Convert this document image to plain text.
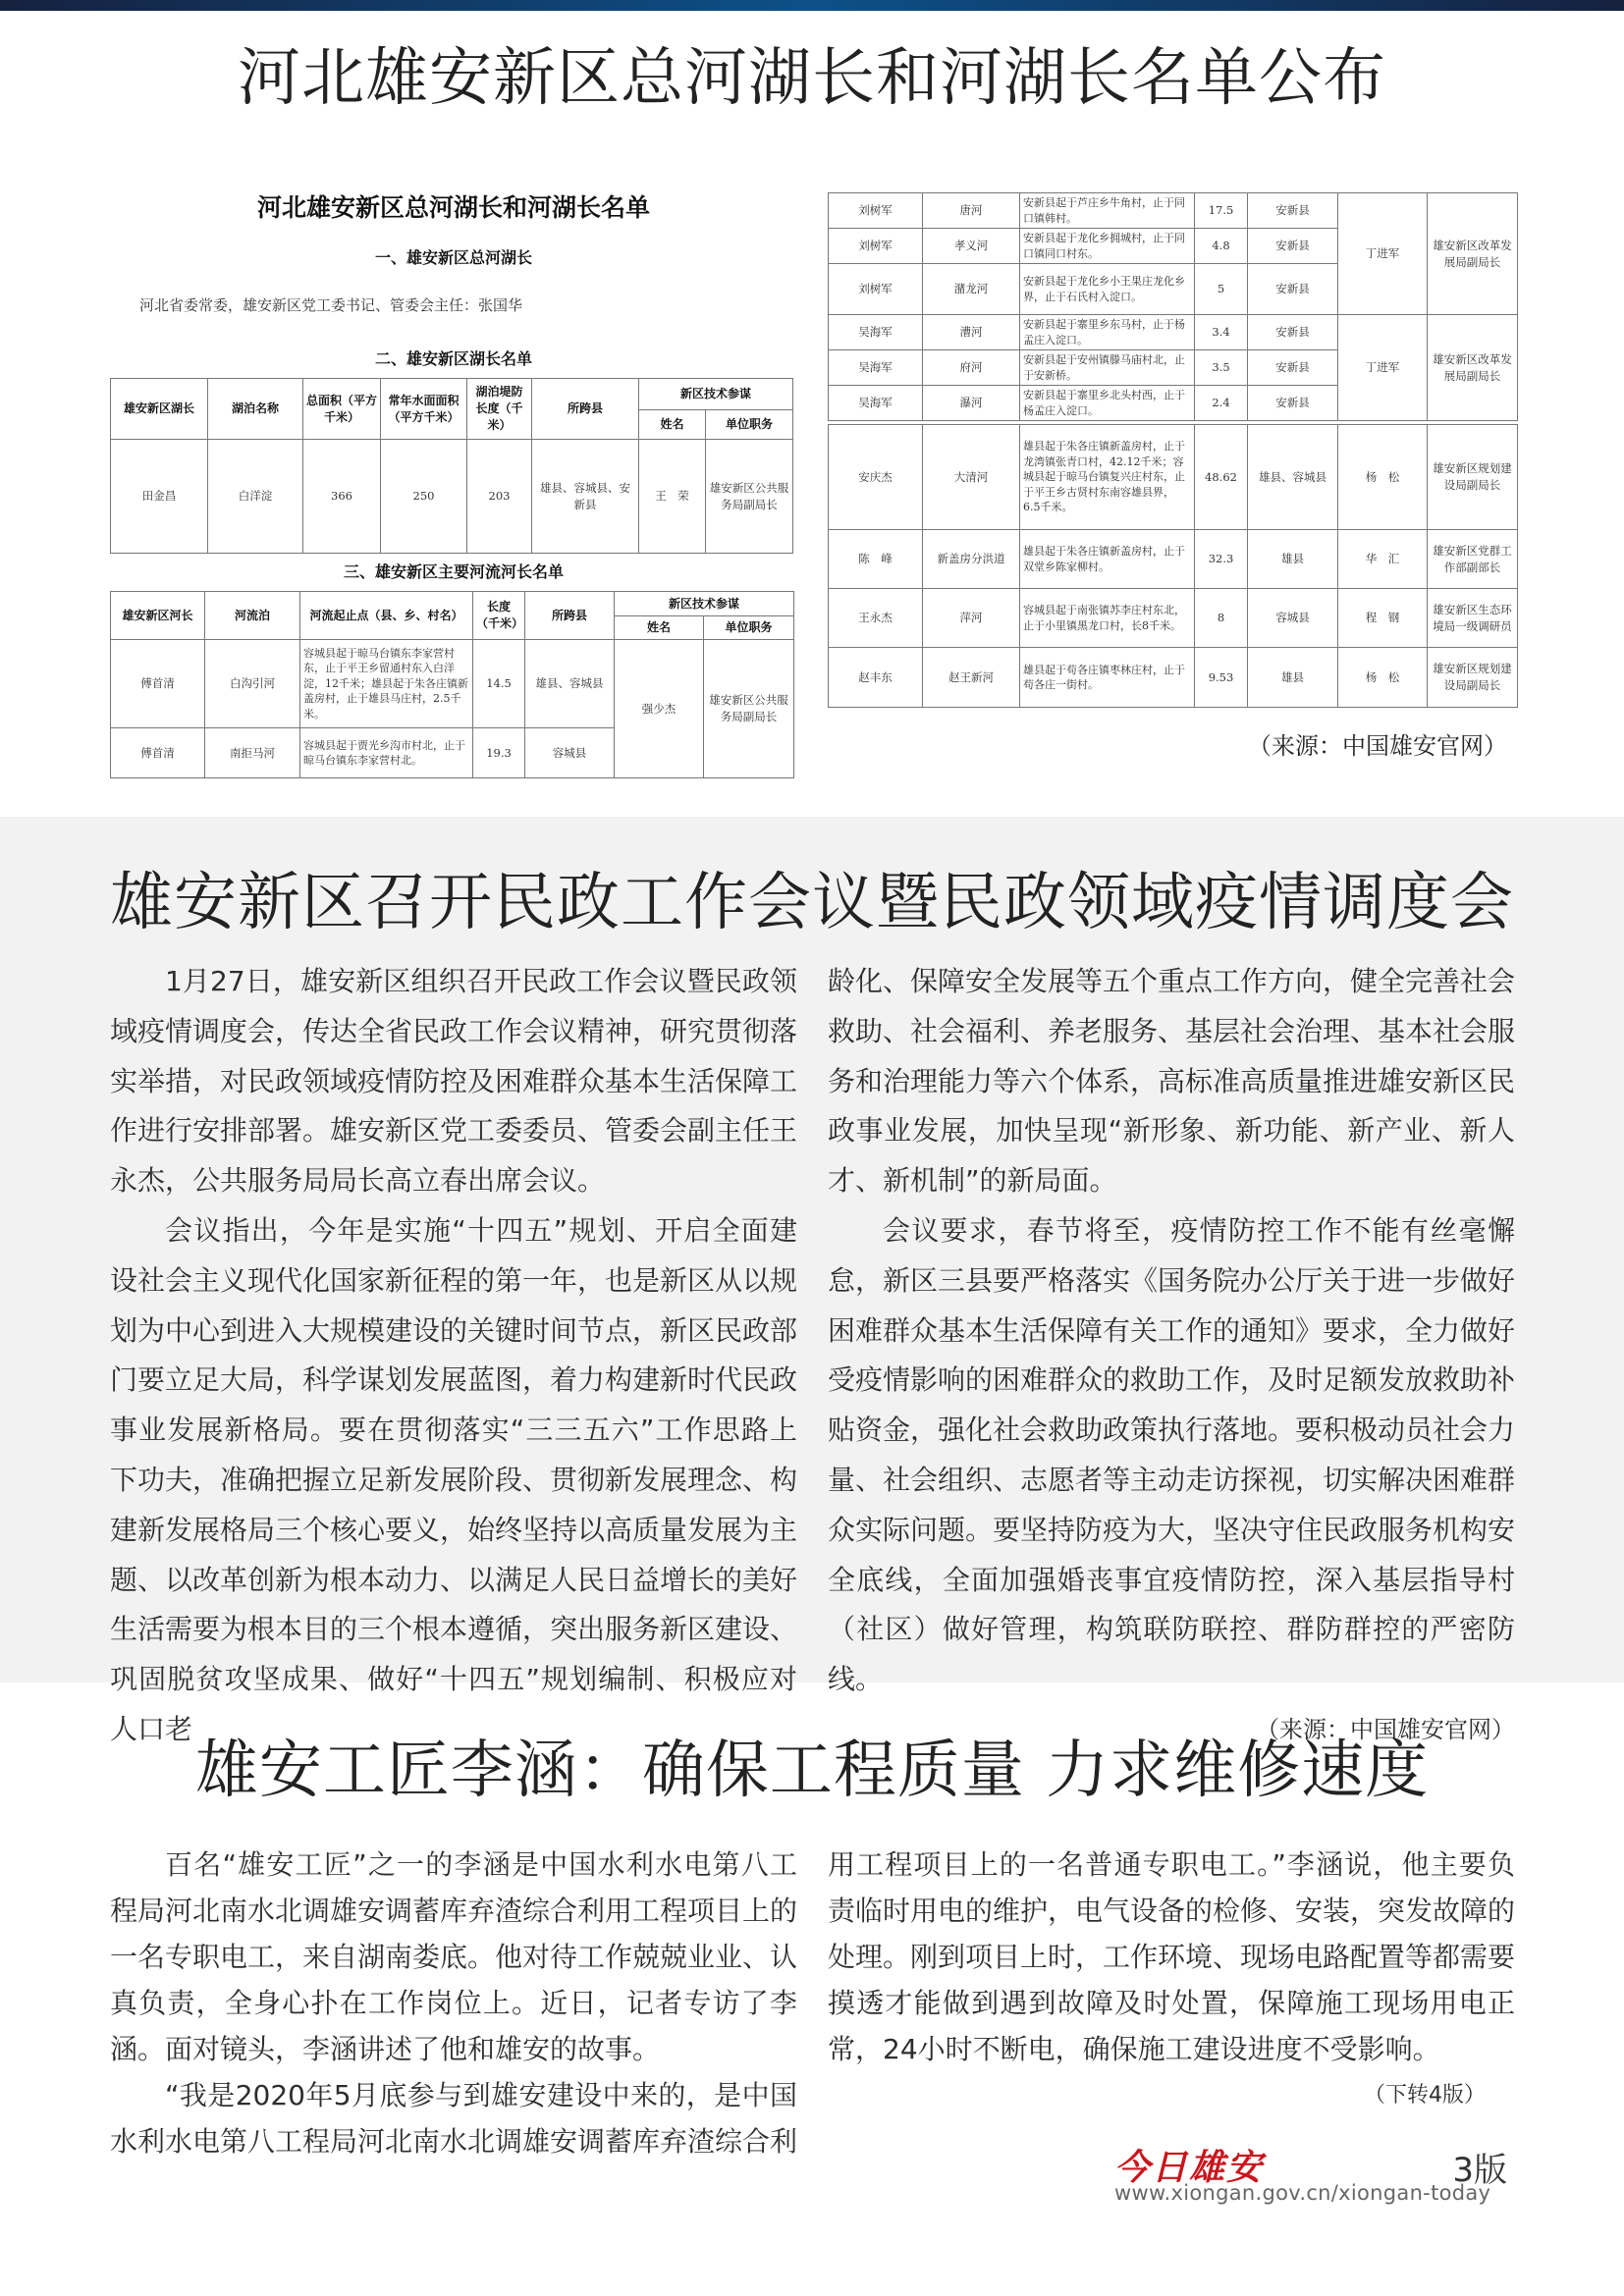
河北雄安新区总河湖长和河湖长名单公布
河北雄安新区总河湖长和河湖长名单
一、雄安新区总河湖长
河北省委常委，雄安新区党工委书记、管委会主任：张国华
二、雄安新区湖长名单
三、雄安新区主要河流河长名单
雄安新区湖长	湖泊名称	总面积（平方千米）	常年水面面积（平方千米）	湖泊堤防长度（千米）	所跨县	新区技术参谋	
						姓名	单位职务
田金昌	白洋淀	366	250	203	雄县、容城县、安新县	王　荣	雄安新区公共服务局副局长
雄安新区河长	河流泊	河流起止点（县、乡、村名）	长度（千米）	所跨县	新区技术参谋	
					姓名	单位职务
傅首清	白沟引河	容城县起于晾马台镇东李家营村东，止于平王乡留通村东入白洋淀，12千米；雄县起于朱各庄镇新盖房村，止于雄县马庄村，2.5千米。	14.5	雄县、容城县	强少杰	雄安新区公共服务局副局长
傅首清	南拒马河	容城县起于贾光乡沟市村北，止于晾马台镇东李家营村北。	19.3	容城县		
刘树军	唐河	安新县起于芦庄乡牛角村，止于同口镇韩村。	17.5	安新县	丁进军	雄安新区改革发展局副局长
刘树军	孝义河	安新县起于龙化乡拥城村，止于同口镇同口村东。	4.8	安新县		
刘树军	潴龙河	安新县起于龙化乡小王果庄龙化乡界，止于石氏村入淀口。	5	安新县		
吴海军	漕河	安新县起于寨里乡东马村，止于杨孟庄入淀口。	3.4	安新县	丁进军	雄安新区改革发展局副局长
吴海军	府河	安新县起于安州镇滕马庙村北，止于安新桥。	3.5	安新县		
吴海军	瀑河	安新县起于寨里乡北头村西，止于杨孟庄入淀口。	2.4	安新县		
安庆杰	大清河	雄县起于朱各庄镇新盖房村，止于龙湾镇张青口村，42.12千米；容城县起于晾马台镇复兴庄村东，止于平王乡古贤村东南容雄县界，6.5千米。	48.62	雄县、容城县	杨　松	雄安新区规划建设局副局长
陈　峰	新盖房分洪道	雄县起于朱各庄镇新盖房村，止于双堂乡陈家柳村。	32.3	雄县	华　汇	雄安新区党群工作部副部长
王永杰	萍河	容城县起于南张镇苏李庄村东北，止于小里镇黑龙口村，长8千米。	8	容城县	程　钢	雄安新区生态环境局一级调研员
赵丰东	赵王新河	雄县起于苟各庄镇枣林庄村，止于苟各庄一街村。	9.53	雄县	杨　松	雄安新区规划建设局副局长
（来源：中国雄安官网）
雄安新区召开民政工作会议暨民政领域疫情调度会

1月27日，雄安新区组织召开民政工作会议暨民政领域疫情调度会，传达全省民政工作会议精神，研究贯彻落实举措，对民政领域疫情防控及困难群众基本生活保障工作进行安排部署。雄安新区党工委委员、管委会副主任王永杰，公共服务局局长高立春出席会议。

会议指出，今年是实施“十四五”规划、开启全面建设社会主义现代化国家新征程的第一年，也是新区从以规划为中心到进入大规模建设的关键时间节点，新区民政部门要立足大局，科学谋划发展蓝图，着力构建新时代民政事业发展新格局。要在贯彻落实“三三五六”工作思路上下功夫，准确把握立足新发展阶段、贯彻新发展理念、构建新发展格局三个核心要义，始终坚持以高质量发展为主题、以改革创新为根本动力、以满足人民日益增长的美好生活需要为根本目的三个根本遵循，突出服务新区建设、巩固脱贫攻坚成果、做好“十四五”规划编制、积极应对人口老

龄化、保障安全发展等五个重点工作方向，健全完善社会救助、社会福利、养老服务、基层社会治理、基本社会服务和治理能力等六个体系，高标准高质量推进雄安新区民政事业发展，加快呈现“新形象、新功能、新产业、新人才、新机制”的新局面。

会议要求，春节将至，疫情防控工作不能有丝毫懈怠，新区三县要严格落实《国务院办公厅关于进一步做好困难群众基本生活保障有关工作的通知》要求，全力做好受疫情影响的困难群众的救助工作，及时足额发放救助补贴资金，强化社会救助政策执行落地。要积极动员社会力量、社会组织、志愿者等主动走访探视，切实解决困难群众实际问题。要坚持防疫为大，坚决守住民政服务机构安全底线，全面加强婚丧事宜疫情防控，深入基层指导村（社区）做好管理，构筑联防联控、群防群控的严密防线。

（来源：中国雄安官网）
雄安工匠李涵：确保工程质量 力求维修速度

百名“雄安工匠”之一的李涵是中国水利水电第八工程局河北南水北调雄安调蓄库弃渣综合利用工程项目上的一名专职电工，来自湖南娄底。他对待工作兢兢业业、认真负责，全身心扑在工作岗位上。近日，记者专访了李涵。面对镜头，李涵讲述了他和雄安的故事。

“我是2020年5月底参与到雄安建设中来的，是中国水利水电第八工程局河北南水北调雄安调蓄库弃渣综合利

用工程项目上的一名普通专职电工。”李涵说，他主要负责临时用电的维护，电气设备的检修、安装，突发故障的处理。刚到项目上时，工作环境、现场电路配置等都需要摸透才能做到遇到故障及时处置，保障施工现场用电正常，24小时不断电，确保施工建设进度不受影响。

（下转4版）
今日雄安	3版
www.xiongan.gov.cn/xiongan-today
